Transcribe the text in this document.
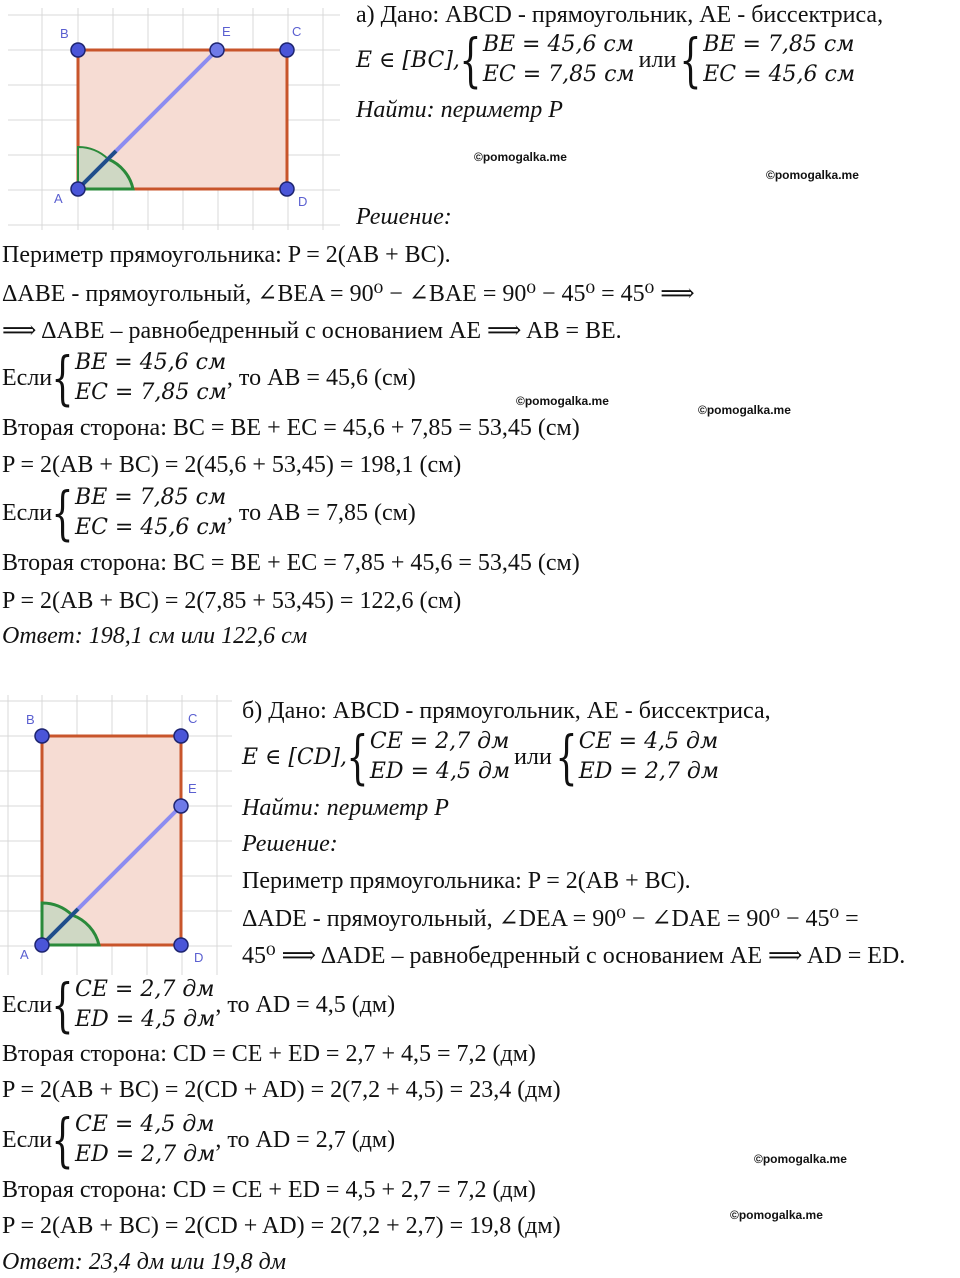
B	E	C
A	D
а) Дано: ABCD - прямоугольник, AE - биссектриса,
E ∈ [BC], { BE = 45,6 см
EC = 7,85 см
или { BE = 7,85 см
EC = 45,6 см
Найти: периметр P
©pomogalka.me
©pomogalka.me
Решение:
Периметр прямоугольника: P = 2(AB + BC).
ΔABE - прямоугольный, ∠BEA = 90⁰ − ∠BAE = 90⁰ − 45⁰ = 45⁰ ⟹
⟹ ΔABE – равнобедренный с основанием AE ⟹ AB = BE.
Если { BE = 45,6 см
EC = 7,85 см
, то AB = 45,6 (см)
©pomogalka.me
©pomogalka.me
Вторая сторона: BC = BE + EC = 45,6 + 7,85 = 53,45 (см)
P = 2(AB + BC) = 2(45,6 + 53,45) = 198,1 (см)
Если { BE = 7,85 см
EC = 45,6 см
, то AB = 7,85 (см)
Вторая сторона: BC = BE + EC = 7,85 + 45,6 = 53,45 (см)
P = 2(AB + BC) = 2(7,85 + 53,45) = 122,6 (см)
Ответ: 198,1 см или 122,6 см
B	C
E
A	D
б) Дано: ABCD - прямоугольник, AE - биссектриса,
E ∈ [CD], { CE = 2,7 дм
ED = 4,5 дм
или { CE = 4,5 дм
ED = 2,7 дм
Найти: периметр P
Решение:
Периметр прямоугольника: P = 2(AB + BC).
ΔADE - прямоугольный, ∠DEA = 90⁰ − ∠DAE = 90⁰ − 45⁰ =
45⁰ ⟹ ΔADE – равнобедренный с основанием AE ⟹ AD = ED.
Если { CE = 2,7 дм
ED = 4,5 дм
, то AD = 4,5 (дм)
Вторая сторона: CD = CE + ED = 2,7 + 4,5 = 7,2 (дм)
P = 2(AB + BC) = 2(CD + AD) = 2(7,2 + 4,5) = 23,4 (дм)
Если { CE = 4,5 дм
ED = 2,7 дм
, то AD = 2,7 (дм)
©pomogalka.me
Вторая сторона: CD = CE + ED = 4,5 + 2,7 = 7,2 (дм)
©pomogalka.me
P = 2(AB + BC) = 2(CD + AD) = 2(7,2 + 2,7) = 19,8 (дм)
Ответ: 23,4 дм или 19,8 дм
